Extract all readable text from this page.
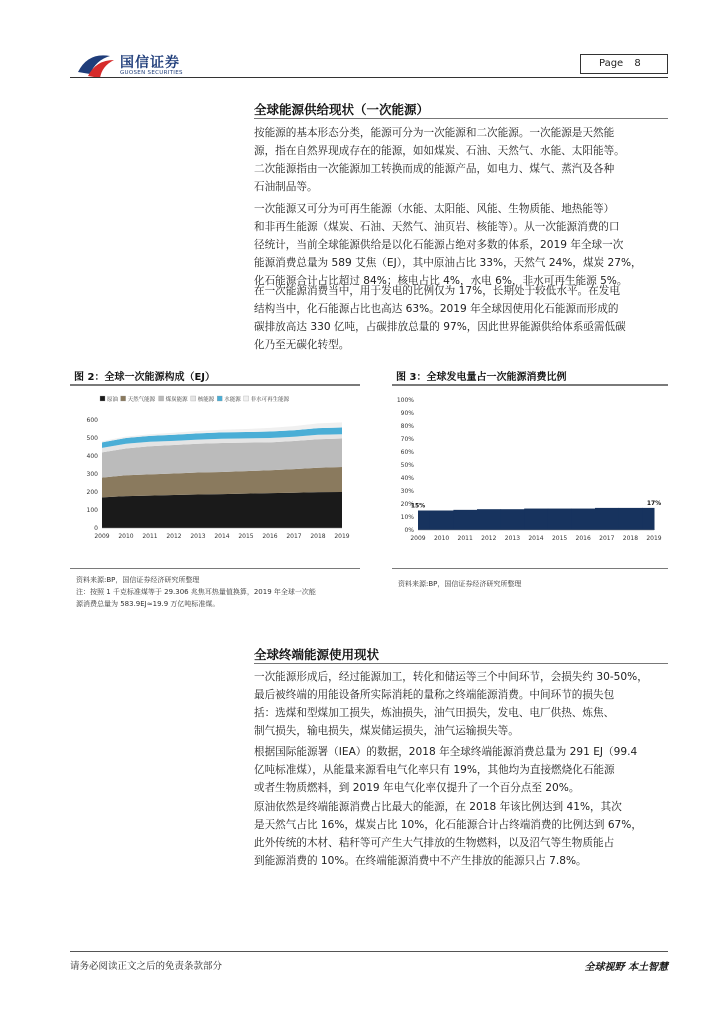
国信证券
GUOSEN SECURITIES
Page 8
全球能源供给现状（一次能源）
按能源的基本形态分类，能源可分为一次能源和二次能源。一次能源是天然能
源，指在自然界现成存在的能源，如如煤炭、石油、天然气、水能、太阳能等。
二次能源指由一次能源加工转换而成的能源产品，如电力、煤气、蒸汽及各种
石油制品等。
一次能源又可分为可再生能源（水能、太阳能、风能、生物质能、地热能等）
和非再生能源（煤炭、石油、天然气、油页岩、核能等）。从一次能源消费的口
径统计，当前全球能源供给是以化石能源占绝对多数的体系，2019 年全球一次
能源消费总量为 589 艾焦（EJ），其中原油占比 33%，天然气 24%，煤炭 27%，
化石能源合计占比超过 84%；核电占比 4%，水电 6%，非水可再生能源 5%。
在一次能源消费当中，用于发电的比例仅为 17%，长期处于较低水平。在发电
结构当中，化石能源占比也高达 63%。2019 年全球因使用化石能源而形成的
碳排放高达 330 亿吨，占碳排放总量的 97%，因此世界能源供给体系亟需低碳
化乃至无碳化转型。
图 2：全球一次能源构成（EJ）
原油 天然气能源 煤炭能源 核能源 水能源 非水可再生能源
0
100
200
300
400
500
600
2009 2010 2011 2012 2013 2014 2015 2016 2017 2018 2019
资料来源:BP，国信证券经济研究所整理
注：按照 1 千克标准煤等于 29.306 兆焦耳热量值换算，2019 年全球一次能
源消费总量为 583.9EJ≈19.9 万亿吨标准煤。
图 3：全球发电量占一次能源消费比例
0%
10%
20%
30%
40%
50%
60%
70%
80%
90%
100%
2009 2010 2011 2012 2013 2014 2015 2016 2017 2018 2019
15%	17%
资料来源:BP，国信证券经济研究所整理
全球终端能源使用现状
一次能源形成后，经过能源加工，转化和储运等三个中间环节，会损失约 30-50%，
最后被终端的用能设备所实际消耗的量称之终端能源消费。中间环节的损失包
括：选煤和型煤加工损失，炼油损失，油气田损失，发电、电厂供热、炼焦、
制气损失，输电损失，煤炭储运损失，油气运输损失等。
根据国际能源署（IEA）的数据，2018 年全球终端能源消费总量为 291 EJ（99.4
亿吨标准煤），从能量来源看电气化率只有 19%，其他均为直接燃烧化石能源
或者生物质燃料，到 2019 年电气化率仅提升了一个百分点至 20%。
原油依然是终端能源消费占比最大的能源，在 2018 年该比例达到 41%，其次
是天然气占比 16%，煤炭占比 10%，化石能源合计占终端消费的比例达到 67%，
此外传统的木材、秸秆等可产生大气排放的生物燃料，以及沼气等生物质能占
到能源消费的 10%。在终端能源消费中不产生排放的能源只占 7.8%。
请务必阅读正文之后的免责条款部分	全球视野 本土智慧
